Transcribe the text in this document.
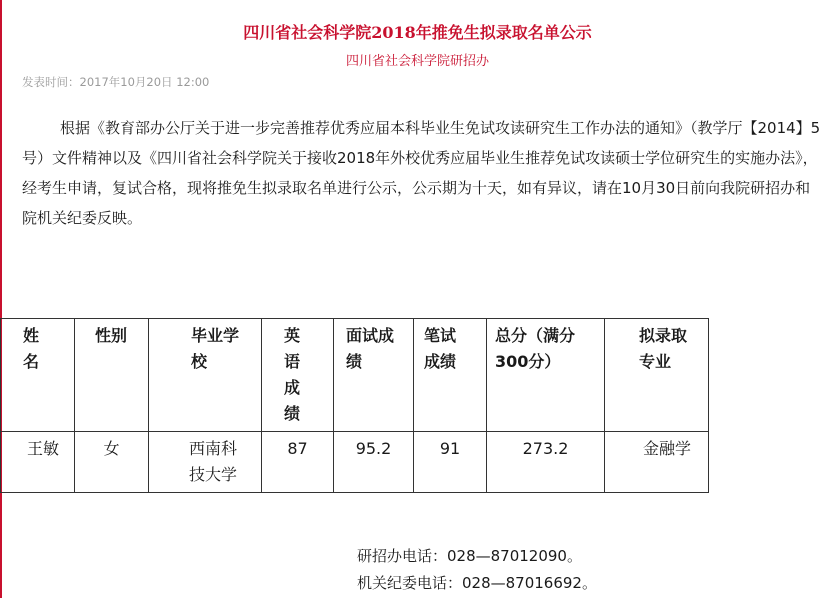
四川省社会科学院2018年推免生拟录取名单公示
四川省社会科学院研招办
发表时间：2017年10月20日 12:00
根据《教育部办公厅关于进一步完善推荐优秀应届本科毕业生免试攻读研究生工作办法的通知》（教学厅【2014】5号）文件精神以及《四川省社会科学院关于接收2018年外校优秀应届毕业生推荐免试攻读硕士学位研究生的实施办法》，经考生申请，复试合格，现将推免生拟录取名单进行公示，公示期为十天，如有异议，请在10月30日前向我院研招办和院机关纪委反映。
姓名	性别	毕业学校	英语成绩	面试成绩	笔试成绩	总分（满分300分）	拟录取专业
王敏	女	西南科技大学	87	95.2	91	273.2	金融学
研招办电话：028—87012090。
机关纪委电话：028—87016692。
